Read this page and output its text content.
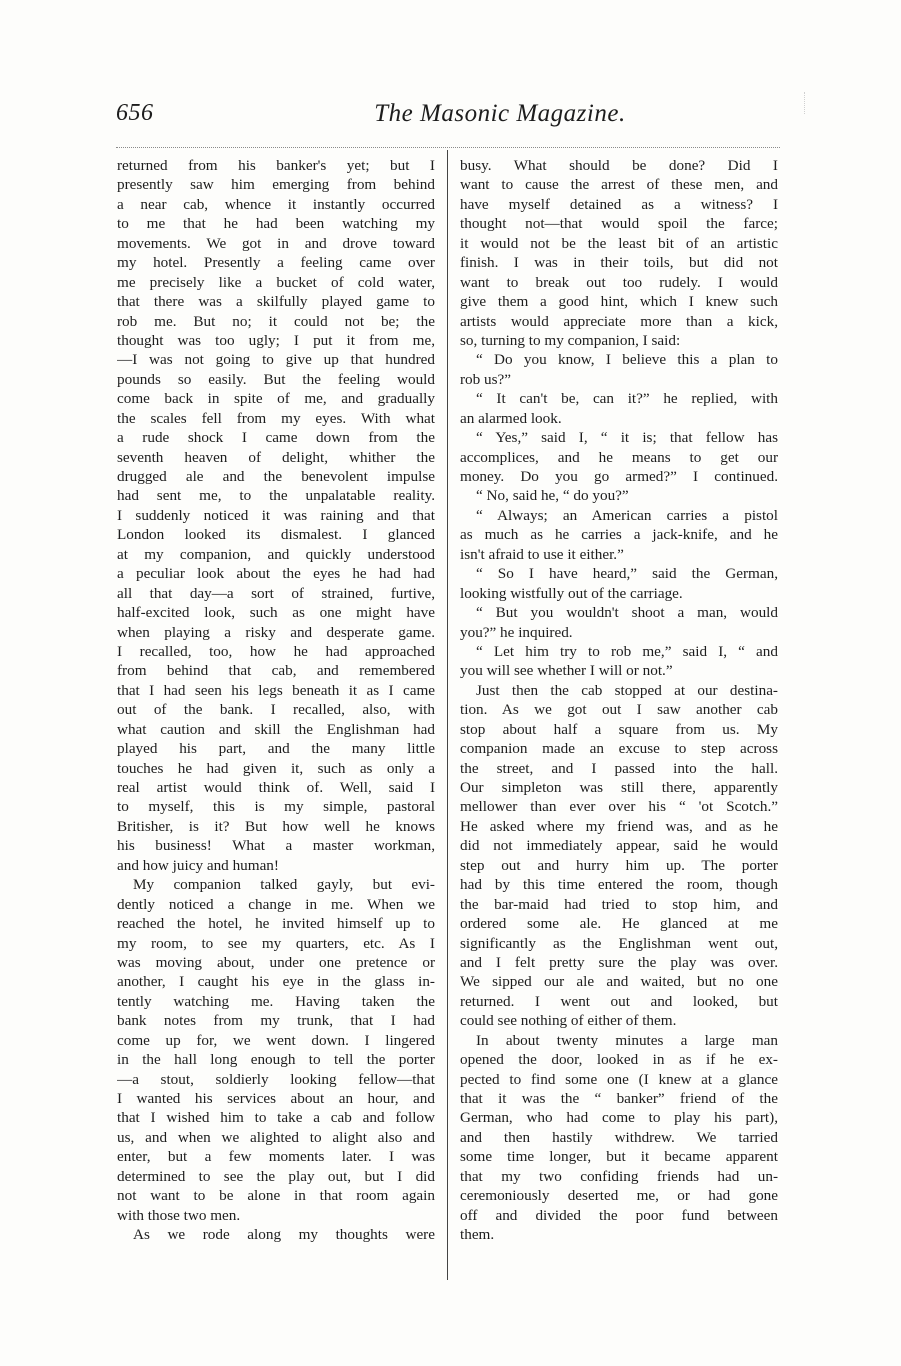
656	The Masonic Magazine.
returned from his banker's yet; but I
presently saw him emerging from behind
a near cab, whence it instantly occurred
to me that he had been watching my
movements. We got in and drove toward
my hotel. Presently a feeling came over
me precisely like a bucket of cold water,
that there was a skilfully played game to
rob me. But no; it could not be; the
thought was too ugly; I put it from me,
—I was not going to give up that hundred
pounds so easily. But the feeling would
come back in spite of me, and gradually
the scales fell from my eyes. With what
a rude shock I came down from the
seventh heaven of delight, whither the
drugged ale and the benevolent impulse
had sent me, to the unpalatable reality.
I suddenly noticed it was raining and that
London looked its dismalest. I glanced
at my companion, and quickly understood
a peculiar look about the eyes he had had
all that day—a sort of strained, furtive,
half-excited look, such as one might have
when playing a risky and desperate game.
I recalled, too, how he had approached
from behind that cab, and remembered
that I had seen his legs beneath it as I came
out of the bank. I recalled, also, with
what caution and skill the Englishman had
played his part, and the many little
touches he had given it, such as only a
real artist would think of. Well, said I
to myself, this is my simple, pastoral
Britisher, is it? But how well he knows
his business! What a master workman,
and how juicy and human!
My companion talked gayly, but evi-
dently noticed a change in me. When we
reached the hotel, he invited himself up to
my room, to see my quarters, etc. As I
was moving about, under one pretence or
another, I caught his eye in the glass in-
tently watching me. Having taken the
bank notes from my trunk, that I had
come up for, we went down. I lingered
in the hall long enough to tell the porter
—a stout, soldierly looking fellow—that
I wanted his services about an hour, and
that I wished him to take a cab and follow
us, and when we alighted to alight also and
enter, but a few moments later. I was
determined to see the play out, but I did
not want to be alone in that room again
with those two men.
As we rode along my thoughts were
busy. What should be done? Did I
want to cause the arrest of these men, and
have myself detained as a witness? I
thought not—that would spoil the farce;
it would not be the least bit of an artistic
finish. I was in their toils, but did not
want to break out too rudely. I would
give them a good hint, which I knew such
artists would appreciate more than a kick,
so, turning to my companion, I said:
“ Do you know, I believe this a plan to
rob us?”
“ It can't be, can it?” he replied, with
an alarmed look.
“ Yes,” said I, “ it is; that fellow has
accomplices, and he means to get our
money. Do you go armed?” I continued.
“ No, said he, “ do you?”
“ Always; an American carries a pistol
as much as he carries a jack-knife, and he
isn't afraid to use it either.”
“ So I have heard,” said the German,
looking wistfully out of the carriage.
“ But you wouldn't shoot a man, would
you?” he inquired.
“ Let him try to rob me,” said I, “ and
you will see whether I will or not.”
Just then the cab stopped at our destina-
tion. As we got out I saw another cab
stop about half a square from us. My
companion made an excuse to step across
the street, and I passed into the hall.
Our simpleton was still there, apparently
mellower than ever over his “ 'ot Scotch.”
He asked where my friend was, and as he
did not immediately appear, said he would
step out and hurry him up. The porter
had by this time entered the room, though
the bar-maid had tried to stop him, and
ordered some ale. He glanced at me
significantly as the Englishman went out,
and I felt pretty sure the play was over.
We sipped our ale and waited, but no one
returned. I went out and looked, but
could see nothing of either of them.
In about twenty minutes a large man
opened the door, looked in as if he ex-
pected to find some one (I knew at a glance
that it was the “ banker” friend of the
German, who had come to play his part),
and then hastily withdrew. We tarried
some time longer, but it became apparent
that my two confiding friends had un-
ceremoniously deserted me, or had gone
off and divided the poor fund between
them.
